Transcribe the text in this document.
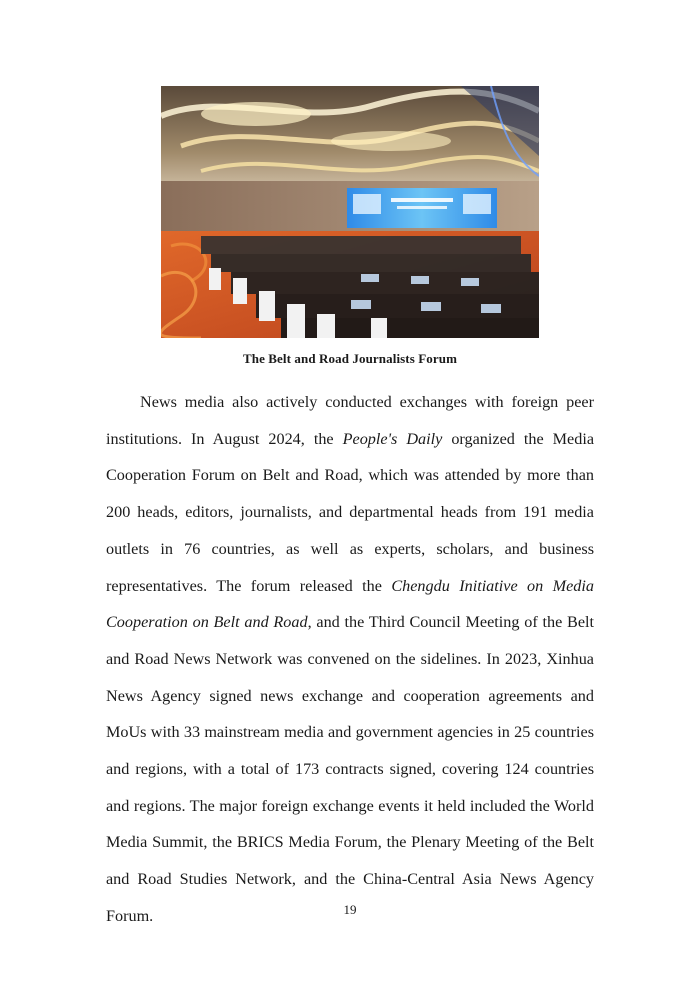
The Belt and Road Journalists Forum

News media also actively conducted exchanges with foreign peer institutions. In August 2024, the People's Daily organized the Media Cooperation Forum on Belt and Road, which was attended by more than 200 heads, editors, journalists, and departmental heads from 191 media outlets in 76 countries, as well as experts, scholars, and business representatives. The forum released the Chengdu Initiative on Media Cooperation on Belt and Road, and the Third Council Meeting of the Belt and Road News Network was convened on the sidelines. In 2023, Xinhua News Agency signed news exchange and cooperation agreements and MoUs with 33 mainstream media and government agencies in 25 countries and regions, with a total of 173 contracts signed, covering 124 countries and regions. The major foreign exchange events it held included the World Media Summit, the BRICS Media Forum, the Plenary Meeting of the Belt and Road Studies Network, and the China-Central Asia News Agency Forum.	19
